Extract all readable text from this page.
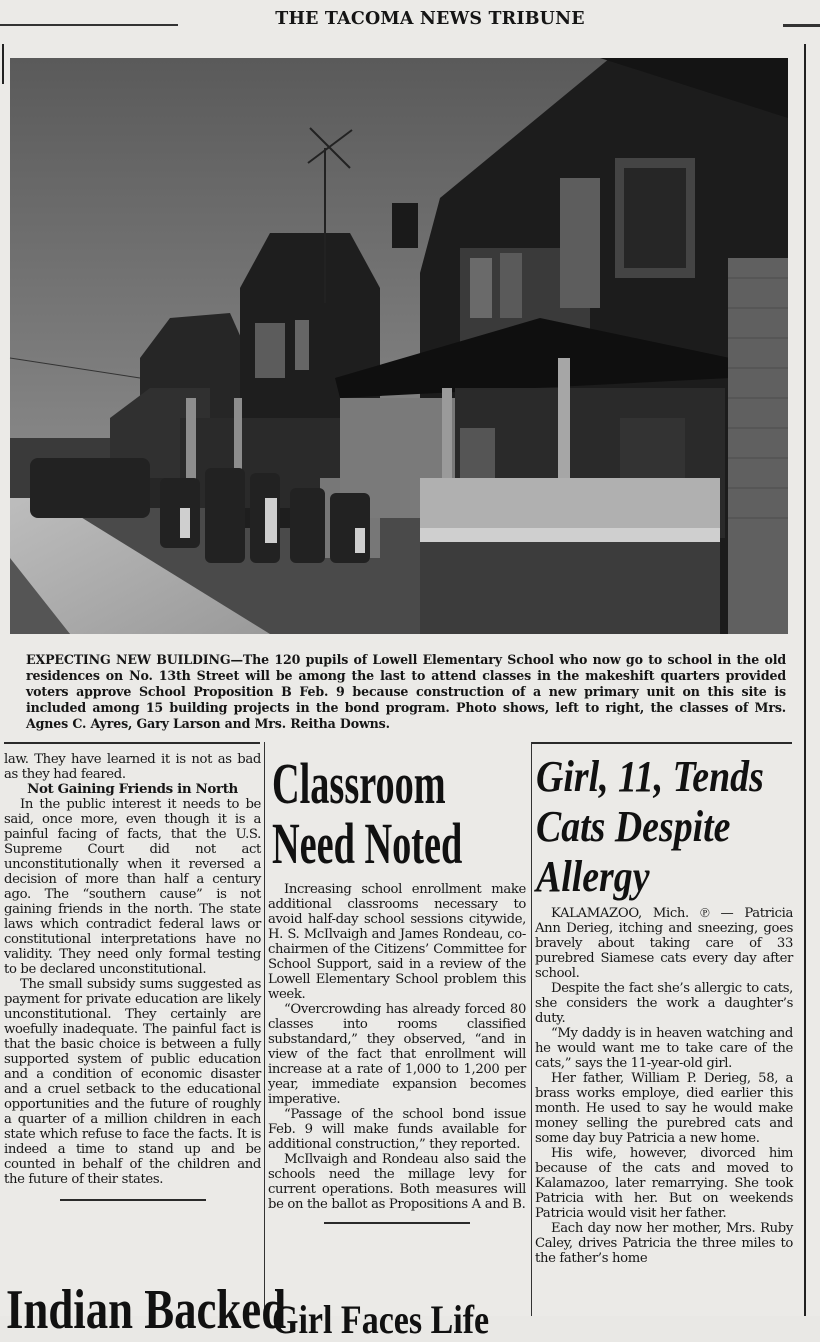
THE TACOMA NEWS TRIBUNE
EXPECTING NEW BUILDING—The 120 pupils of Lowell Elementary School who now go to school in the old residences on No. 13th Street will be among the last to attend classes in the makeshift quarters provided voters approve School Proposition B Feb. 9 because construction of a new primary unit on this site is included among 15 building projects in the bond program. Photo shows, left to right, the classes of Mrs. Agnes C. Ayres, Gary Larson and Mrs. Reitha Downs.

law. They have learned it is not as bad as they had feared.

Not Gaining Friends in North

In the public interest it needs to be said, once more, even though it is a painful facing of facts, that the U.S. Supreme Court did not act unconstitutionally when it reversed a decision of more than half a century ago. The “southern cause” is not gaining friends in the north. The state laws which contradict federal laws or constitutional interpretations have no validity. They need only formal testing to be declared unconstitutional.

The small subsidy sums suggested as payment for private education are likely unconstitutional. They certainly are woefully inadequate. The painful fact is that the basic choice is between a fully supported system of public education and a condition of economic disaster and a cruel setback to the educational opportunities and the future of roughly a quarter of a million children in each state which refuse to face the facts. It is indeed a time to stand up and be counted in behalf of the children and the future of their states.

Indian Backed
Classroom
Need Noted

Increasing school enrollment make additional classrooms necessary to avoid half-day school sessions citywide, H. S. McIlvaigh and James Rondeau, co-chairmen of the Citizens’ Committee for School Support, said in a review of the Lowell Elementary School problem this week.

“Overcrowding has already forced 80 classes into rooms classified substandard,” they observed, “and in view of the fact that enrollment will increase at a rate of 1,000 to 1,200 per year, immediate expansion becomes imperative.

“Passage of the school bond issue Feb. 9 will make funds available for additional construction,” they reported.

McIlvaigh and Rondeau also said the schools need the millage levy for current operations. Both measures will be on the ballot as Propositions A and B.

Girl Faces Life
Girl, 11, Tends
Cats Despite
Allergy

KALAMAZOO, Mich. ℗ — Patricia Ann Derieg, itching and sneezing, goes bravely about taking care of 33 purebred Siamese cats every day after school.

Despite the fact she’s allergic to cats, she considers the work a daughter’s duty.

“My daddy is in heaven watching and he would want me to take care of the cats,” says the 11-year-old girl.

Her father, William P. Derieg, 58, a brass works employe, died earlier this month. He used to say he would make money selling the purebred cats and some day buy Patricia a new home.

His wife, however, divorced him because of the cats and moved to Kalamazoo, later remarrying. She took Patricia with her. But on weekends Patricia would visit her father.

Each day now her mother, Mrs. Ruby Caley, drives Patricia the three miles to the father’s home
